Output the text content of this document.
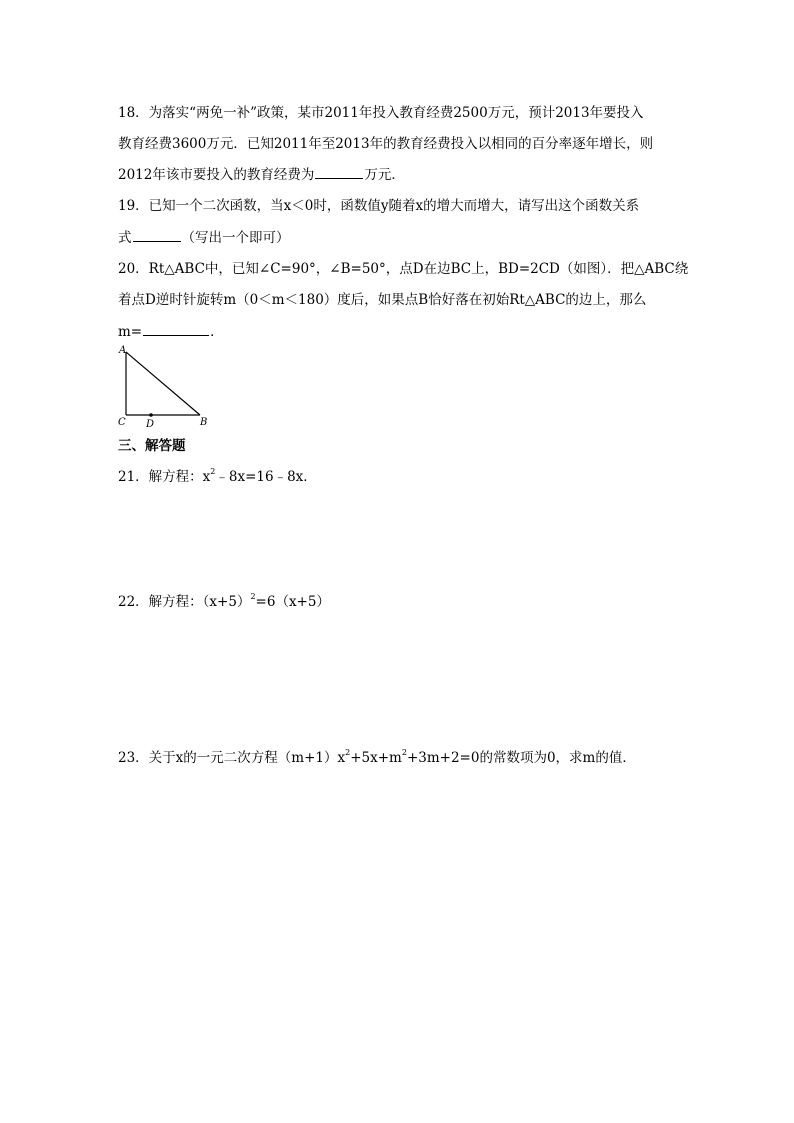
18．为落实“两免一补”政策，某市2011年投入教育经费2500万元，预计2013年要投入
教育经费3600万元．已知2011年至2013年的教育经费投入以相同的百分率逐年增长，则
2012年该市要投入的教育经费为	万元．
19．已知一个二次函数，当x＜0时，函数值y随着x的增大而增大，请写出这个函数关系
式	（写出一个即可）
20．Rt△ABC中，已知∠C=90°，∠B=50°，点D在边BC上，BD=2CD（如图）．把△ABC绕
着点D逆时针旋转m（0＜m＜180）度后，如果点B恰好落在初始Rt△ABC的边上，那么
m=	．
A
C D	B
三、解答题
21．解方程：$x^2﹣8x=16﹣8x$．
22．解方程：$(x+5)^2=6(x+5)$
23．关于x的一元二次方程$(m+1)x^2+5x+m^2+3m+2=0$的常数项为0，求m的值．
